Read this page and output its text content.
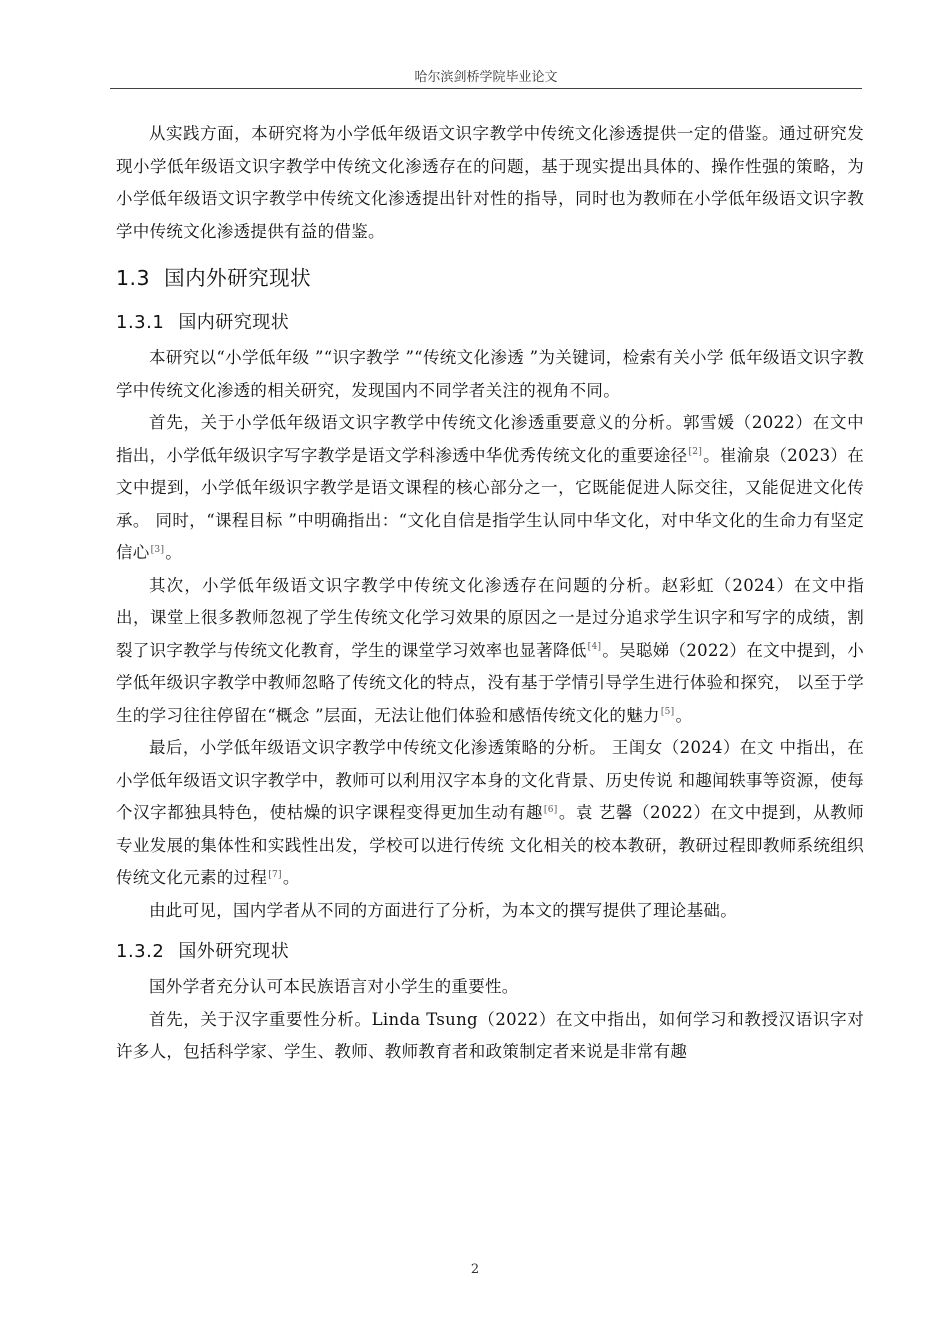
哈尔滨剑桥学院毕业论文

从实践方面，本研究将为小学低年级语文识字教学中传统文化渗透提供一定的借鉴。通过研究发现小学低年级语文识字教学中传统文化渗透存在的问题，基于现实提出具体的、操作性强的策略，为小学低年级语文识字教学中传统文化渗透提出针对性的指导，同时也为教师在小学低年级语文识字教学中传统文化渗透提供有益的借鉴。

1.3 国内外研究现状
1.3.1 国内研究现状

本研究以“小学低年级 ”“识字教学 ”“传统文化渗透 ”为关键词，检索有关小学 低年级语文识字教学中传统文化渗透的相关研究，发现国内不同学者关注的视角不同。

首先，关于小学低年级语文识字教学中传统文化渗透重要意义的分析。郭雪媛（2022）在文中指出，小学低年级识字写字教学是语文学科渗透中华优秀传统文化的重要途径[2]。崔渝泉（2023）在文中提到，小学低年级识字教学是语文课程的核心部分之一，它既能促进人际交往，又能促进文化传承。 同时，“课程目标 ”中明确指出：“文化自信是指学生认同中华文化，对中华文化的生命力有坚定信心[3]。

其次，小学低年级语文识字教学中传统文化渗透存在问题的分析。赵彩虹（2024）在文中指出，课堂上很多教师忽视了学生传统文化学习效果的原因之一是过分追求学生识字和写字的成绩，割裂了识字教学与传统文化教育，学生的课堂学习效率也显著降低[4]。吴聪娣（2022）在文中提到，小学低年级识字教学中教师忽略了传统文化的特点，没有基于学情引导学生进行体验和探究， 以至于学生的学习往往停留在“概念 ”层面，无法让他们体验和感悟传统文化的魅力[5]。

最后，小学低年级语文识字教学中传统文化渗透策略的分析。 王闺女（2024）在文 中指出，在小学低年级语文识字教学中，教师可以利用汉字本身的文化背景、历史传说 和趣闻轶事等资源，使每个汉字都独具特色，使枯燥的识字课程变得更加生动有趣[6]。袁 艺馨（2022）在文中提到，从教师专业发展的集体性和实践性出发，学校可以进行传统 文化相关的校本教研，教研过程即教师系统组织传统文化元素的过程[7]。

由此可见，国内学者从不同的方面进行了分析，为本文的撰写提供了理论基础。

1.3.2 国外研究现状

国外学者充分认可本民族语言对小学生的重要性。

首先，关于汉字重要性分析。Linda Tsung（2022）在文中指出，如何学习和教授汉语识字对许多人，包括科学家、学生、教师、教师教育者和政策制定者来说是非常有趣

2
